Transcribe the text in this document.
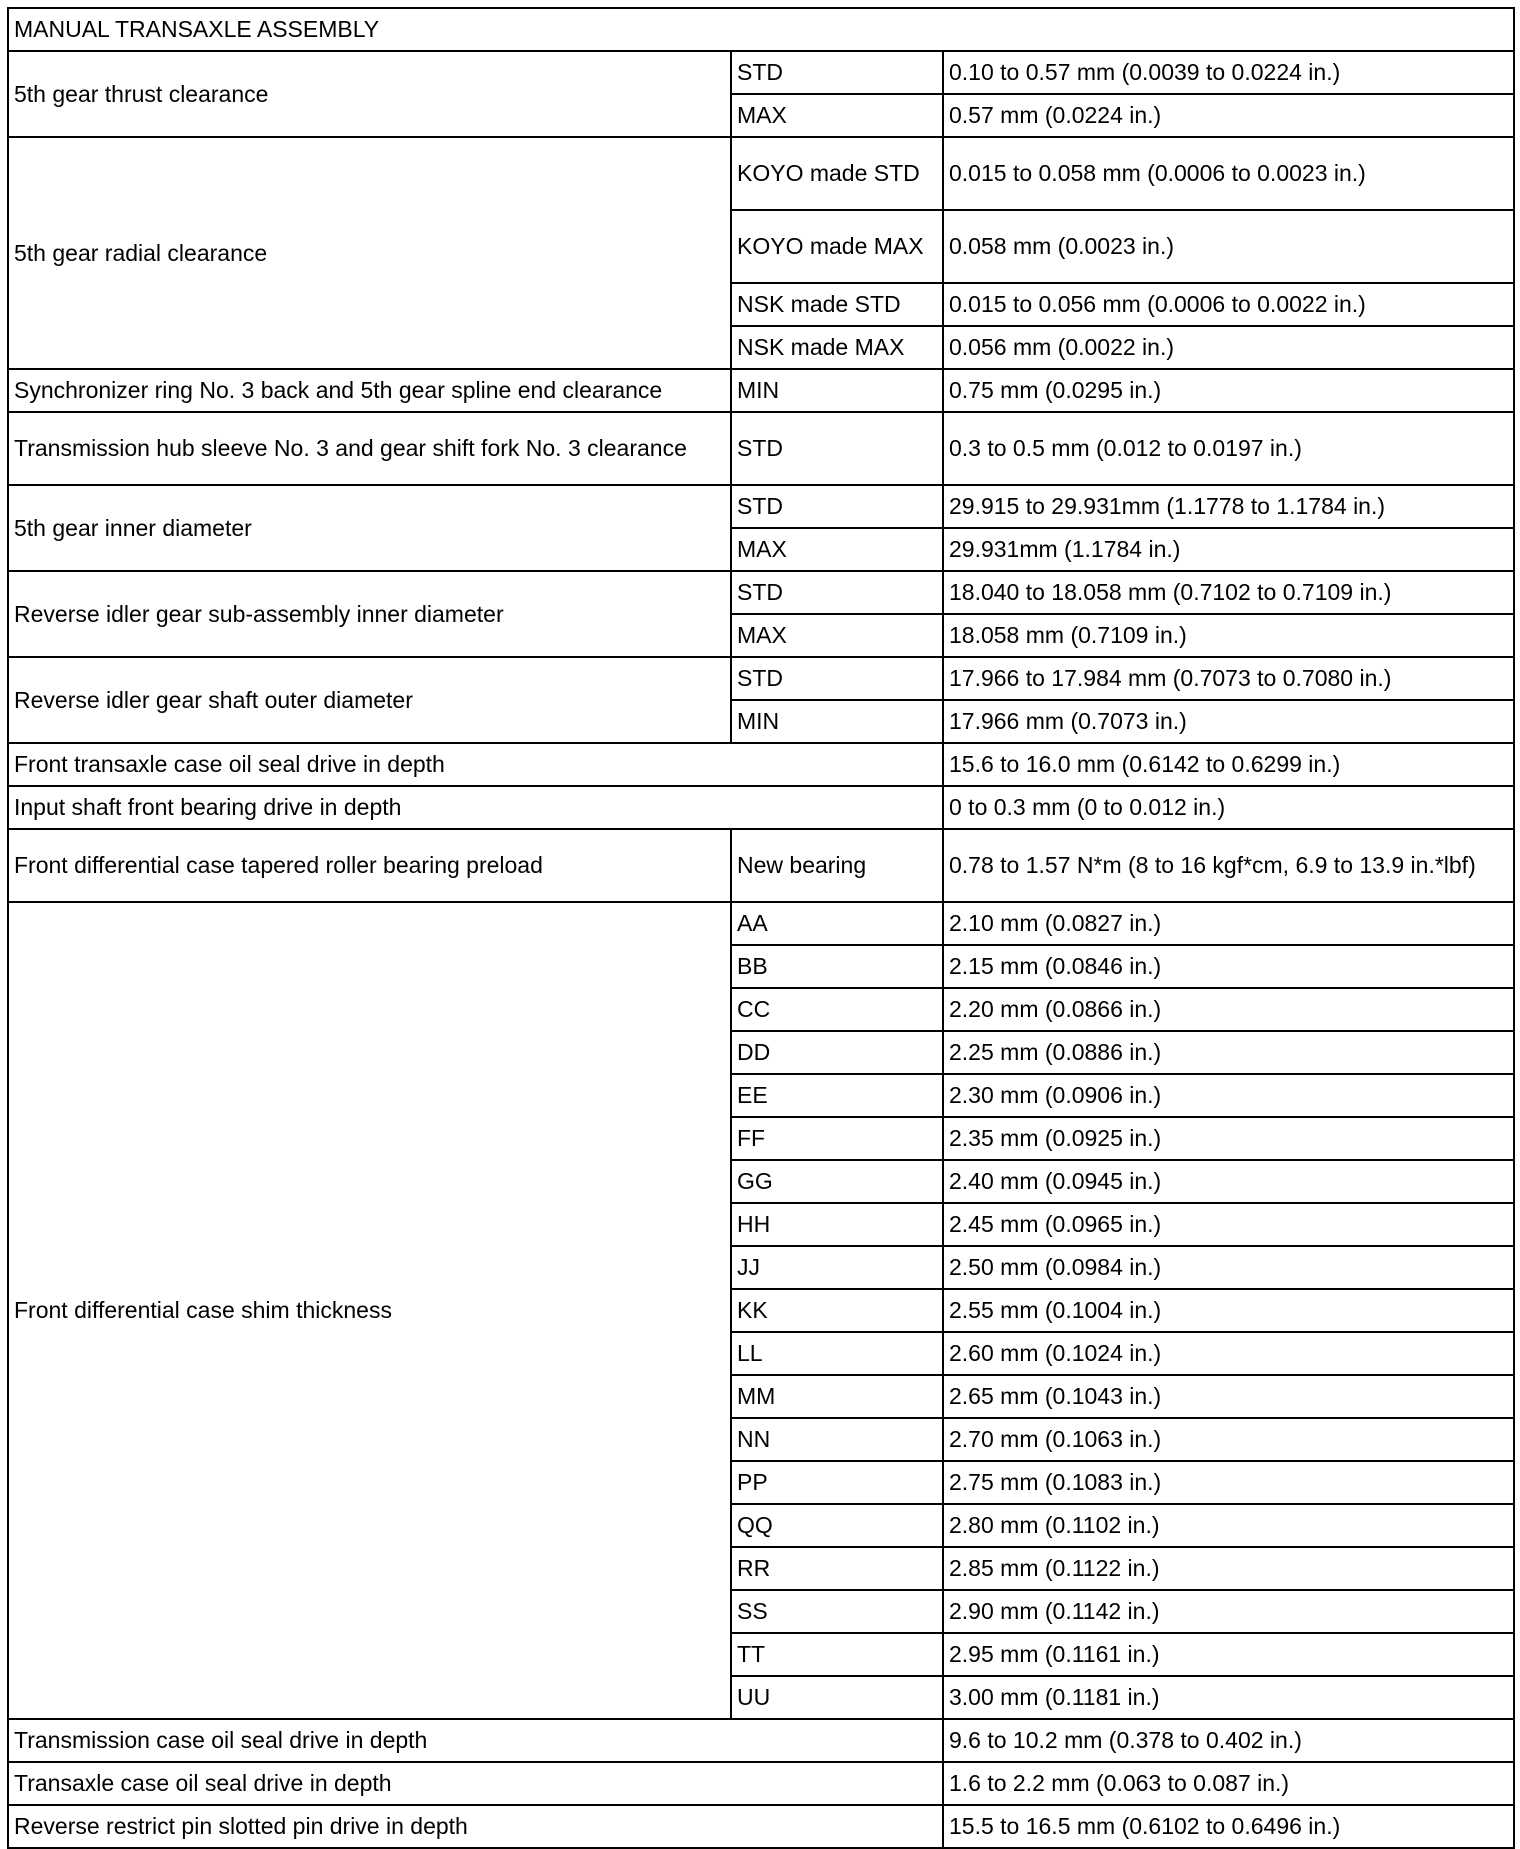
MANUAL TRANSAXLE ASSEMBLY		
5th gear thrust clearance	STD	0.10 to 0.57 mm (0.0039 to 0.0224 in.)
	MAX	0.57 mm (0.0224 in.)
5th gear radial clearance	KOYO made STD	0.015 to 0.058 mm (0.0006 to 0.0023 in.)
	KOYO made MAX	0.058 mm (0.0023 in.)
	NSK made STD	0.015 to 0.056 mm (0.0006 to 0.0022 in.)
	NSK made MAX	0.056 mm (0.0022 in.)
Synchronizer ring No. 3 back and 5th gear spline end clearance	MIN	0.75 mm (0.0295 in.)
Transmission hub sleeve No. 3 and gear shift fork No. 3 clearance	STD	0.3 to 0.5 mm (0.012 to 0.0197 in.)
5th gear inner diameter	STD	29.915 to 29.931mm (1.1778 to 1.1784 in.)
	MAX	29.931mm (1.1784 in.)
Reverse idler gear sub-assembly inner diameter	STD	18.040 to 18.058 mm (0.7102 to 0.7109 in.)
	MAX	18.058 mm (0.7109 in.)
Reverse idler gear shaft outer diameter	STD	17.966 to 17.984 mm (0.7073 to 0.7080 in.)
	MIN	17.966 mm (0.7073 in.)
Front transaxle case oil seal drive in depth		15.6 to 16.0 mm (0.6142 to 0.6299 in.)
Input shaft front bearing drive in depth		0 to 0.3 mm (0 to 0.012 in.)
Front differential case tapered roller bearing preload	New bearing	0.78 to 1.57 N*m (8 to 16 kgf*cm, 6.9 to 13.9 in.*lbf)
Front differential case shim thickness	AA	2.10 mm (0.0827 in.)
	BB	2.15 mm (0.0846 in.)
	CC	2.20 mm (0.0866 in.)
	DD	2.25 mm (0.0886 in.)
	EE	2.30 mm (0.0906 in.)
	FF	2.35 mm (0.0925 in.)
	GG	2.40 mm (0.0945 in.)
	HH	2.45 mm (0.0965 in.)
	JJ	2.50 mm (0.0984 in.)
	KK	2.55 mm (0.1004 in.)
	LL	2.60 mm (0.1024 in.)
	MM	2.65 mm (0.1043 in.)
	NN	2.70 mm (0.1063 in.)
	PP	2.75 mm (0.1083 in.)
	QQ	2.80 mm (0.1102 in.)
	RR	2.85 mm (0.1122 in.)
	SS	2.90 mm (0.1142 in.)
	TT	2.95 mm (0.1161 in.)
	UU	3.00 mm (0.1181 in.)
Transmission case oil seal drive in depth		9.6 to 10.2 mm (0.378 to 0.402 in.)
Transaxle case oil seal drive in depth		1.6 to 2.2 mm (0.063 to 0.087 in.)
Reverse restrict pin slotted pin drive in depth		15.5 to 16.5 mm (0.6102 to 0.6496 in.)
